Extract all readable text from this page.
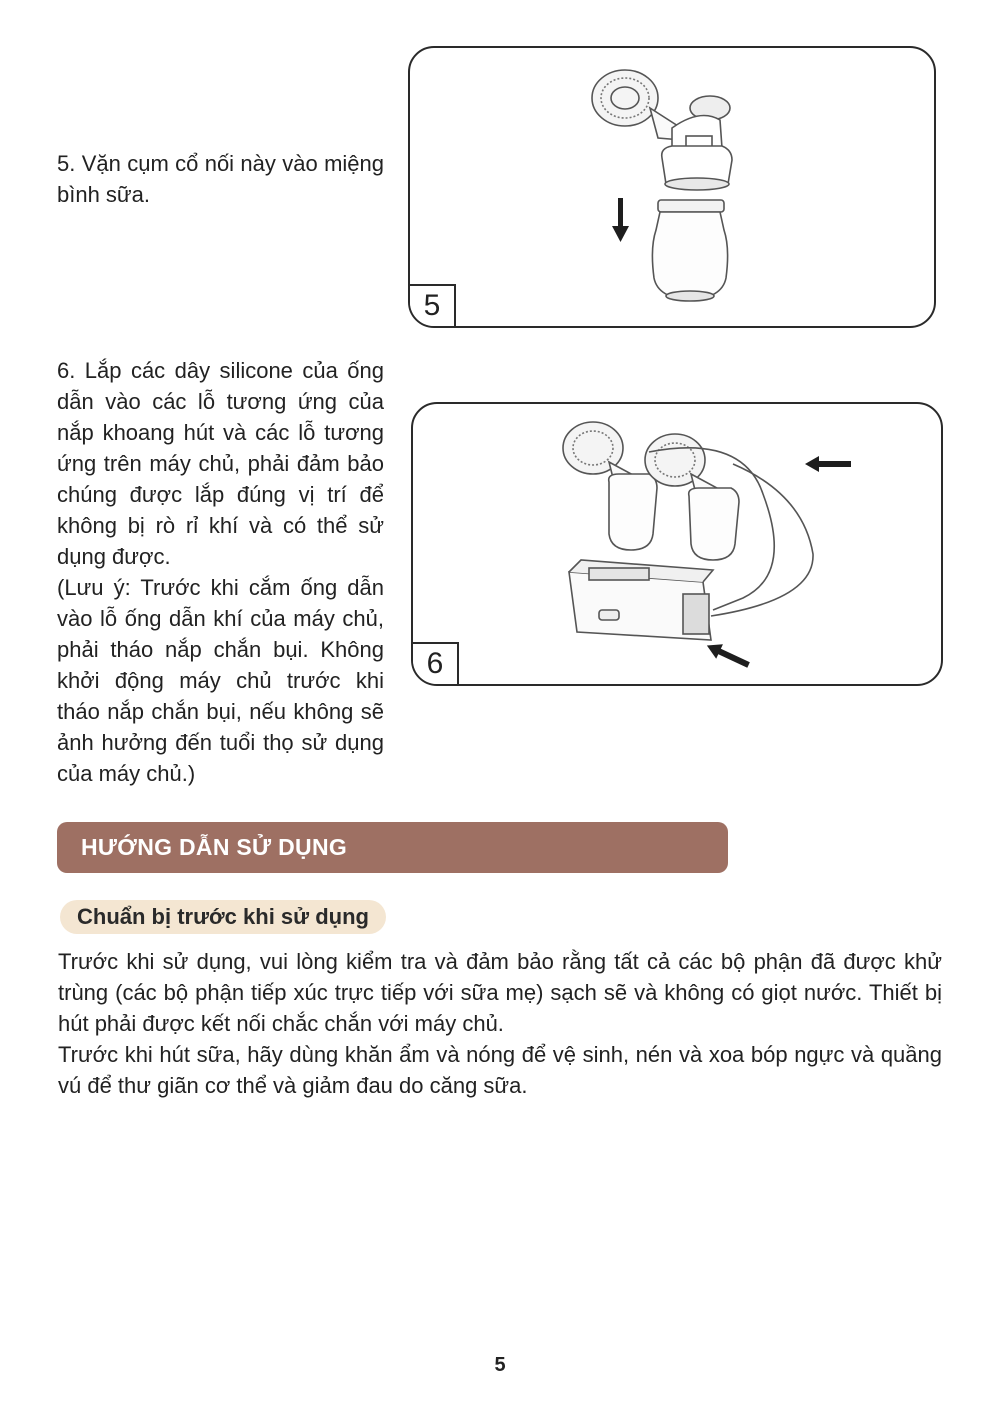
5. Vặn cụm cổ nối này vào miệng bình sữa.

5

6. Lắp các dây silicone của ống dẫn vào các lỗ tương ứng của nắp khoang hút và các lỗ tương ứng trên máy chủ, phải đảm bảo chúng được lắp đúng vị trí để không bị rò rỉ khí và có thể sử dụng được.

(Lưu ý: Trước khi cắm ống dẫn vào lỗ ống dẫn khí của máy chủ, phải tháo nắp chắn bụi. Không khởi động máy chủ trước khi tháo nắp chắn bụi, nếu không sẽ ảnh hưởng đến tuổi thọ sử dụng của máy chủ.)

6
HƯỚNG DẪN SỬ DỤNG
Chuẩn bị trước khi sử dụng

Trước khi sử dụng, vui lòng kiểm tra và đảm bảo rằng tất cả các bộ phận đã được khử trùng (các bộ phận tiếp xúc trực tiếp với sữa mẹ) sạch sẽ và không có giọt nước. Thiết bị hút phải được kết nối chắc chắn với máy chủ.

Trước khi hút sữa, hãy dùng khăn ẩm và nóng để vệ sinh, nén và xoa bóp ngực và quầng vú để thư giãn cơ thể và giảm đau do căng sữa.

5
